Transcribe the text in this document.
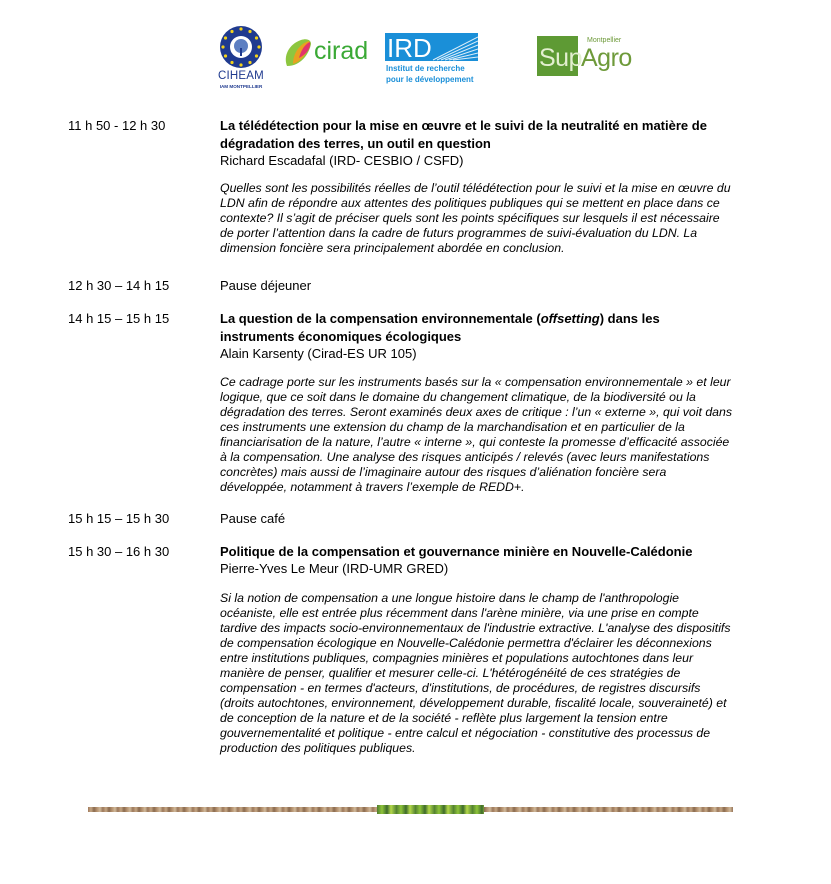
CIHEAM
IAM MONTPELLIER
cirad IRD
Institut de recherche
pour le développement
Montpellier
Sup Agro
11 h 50 - 12 h 30	La télédétection pour la mise en œuvre et le suivi de la neutralité en matière de
dégradation des terres, un outil en question
Richard Escadafal (IRD- CESBIO / CSFD)
Quelles sont les possibilités réelles de l’outil télédétection pour le suivi et la mise en œuvre du
LDN afin de répondre aux attentes des politiques publiques qui se mettent en place dans ce
contexte? Il s’agit de préciser quels sont les points spécifiques sur lesquels il est nécessaire
de porter l’attention dans la cadre de futurs programmes de suivi-évaluation du LDN. La
dimension foncière sera principalement abordée en conclusion.
12 h 30 – 14 h 15	Pause déjeuner
14 h 15 – 15 h 15	La question de la compensation environnementale (offsetting) dans les
instruments économiques écologiques
Alain Karsenty (Cirad-ES UR 105)
Ce cadrage porte sur les instruments basés sur la « compensation environnementale » et leur
logique, que ce soit dans le domaine du changement climatique, de la biodiversité ou la
dégradation des terres. Seront examinés deux axes de critique : l’un « externe », qui voit dans
ces instruments une extension du champ de la marchandisation et en particulier de la
financiarisation de la nature, l’autre « interne », qui conteste la promesse d’efficacité associée
à la compensation. Une analyse des risques anticipés / relevés (avec leurs manifestations
concrètes) mais aussi de l’imaginaire autour des risques d’aliénation foncière sera
développée, notamment à travers l’exemple de REDD+.
15 h 15 – 15 h 30	Pause café
15 h 30 – 16 h 30	Politique de la compensation et gouvernance minière en Nouvelle-Calédonie
Pierre-Yves Le Meur (IRD-UMR GRED)
Si la notion de compensation a une longue histoire dans le champ de l'anthropologie
océaniste, elle est entrée plus récemment dans l'arène minière, via une prise en compte
tardive des impacts socio-environnementaux de l'industrie extractive. L'analyse des dispositifs
de compensation écologique en Nouvelle-Calédonie permettra d'éclairer les déconnexions
entre institutions publiques, compagnies minières et populations autochtones dans leur
manière de penser, qualifier et mesurer celle-ci. L'hétérogénéité de ces stratégies de
compensation - en termes d'acteurs, d'institutions, de procédures, de registres discursifs
(droits autochtones, environnement, développement durable, fiscalité locale, souveraineté) et
de conception de la nature et de la société - reflète plus largement la tension entre
gouvernementalité et politique - entre calcul et négociation - constitutive des processus de
production des politiques publiques.
